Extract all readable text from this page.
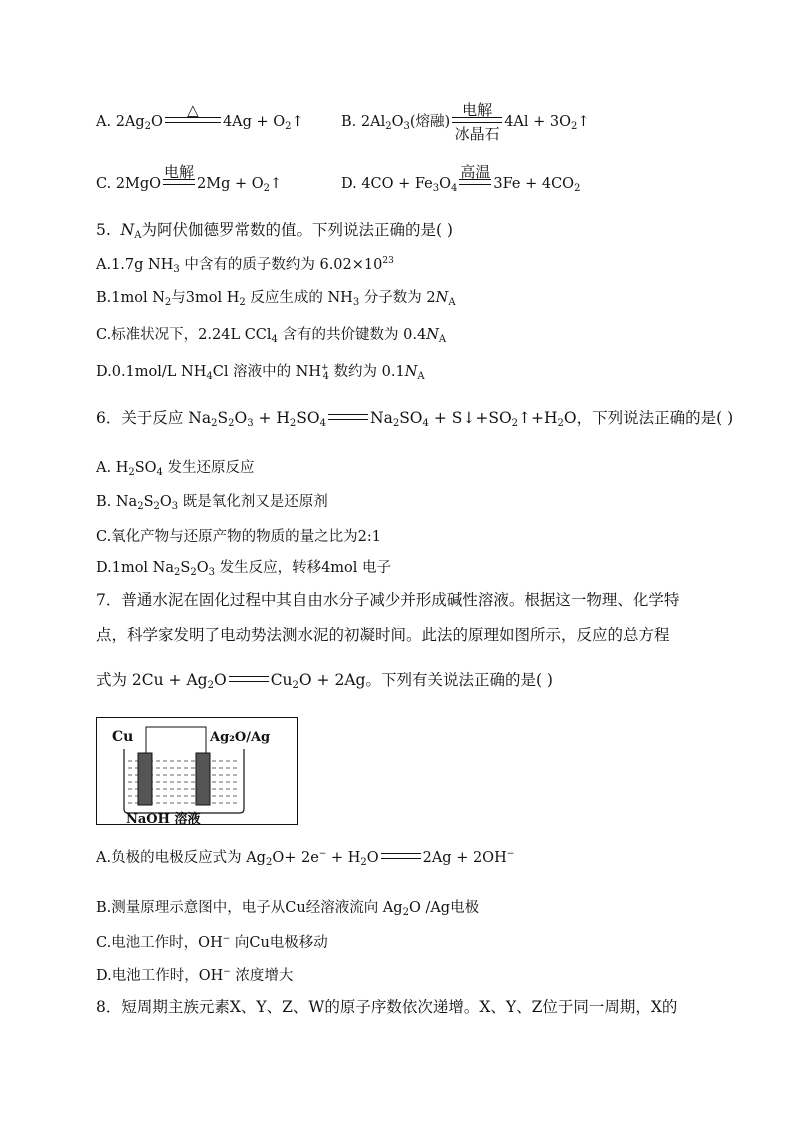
A. $2Ag_2O$
△
$4Ag + O_2↑$	B. $2Al_2O_3$(熔融)
电解
冰晶石
$4Al + 3O_2↑$
C. 2MgO
电解
$2Mg + O_2↑$	D. $4CO + Fe_3O_4$
高温
$3Fe + 4CO_2$
5. $N_A$为阿伏伽德罗常数的值。下列说法正确的是( )
A.1.7g $NH_3$ 中含有的质子数约为 $6.02\times 10^{23}$
B.1mol $N_2$与3mol $H_2$ 反应生成的 $NH_3$ 分子数为 $2N_A$
C.标准状况下，2.24L CCl$_4$ 含有的共价键数为 $0.4N_A$
D.0.1mol/L $NH_4Cl$ 溶液中的 $NH^+_4$ 数约为 $0.1N_A$
6．关于反应 $Na_2S_2O_3 + H_2SO_4$	$Na_2SO_4$ + $S↓+SO_2↑+H_2O$，下列说法正确的是( )
A. $H_2SO_4$ 发生还原反应
B. $Na_2S_2O_3$ 既是氧化剂又是还原剂
C.氧化产物与还原产物的物质的量之比为2:1
D.1mol $Na_2S_2O_3$ 发生反应，转移4mol 电子
7．普通水泥在固化过程中其自由水分子减少并形成碱性溶液。根据这一物理、化学特
点，科学家发明了电动势法测水泥的初凝时间。此法的原理如图所示，反应的总方程
式为 $2Cu + Ag_2O$	$Cu_2O + 2Ag$。下列有关说法正确的是( )
Cu	Ag₂O/Ag
NaOH 溶液
A.负极的电极反应式为 $Ag_2O+ 2e^- + H_2O$	2Ag + 2OH−
B.测量原理示意图中，电子从Cu经溶液流向 $Ag_2O$ /Ag电极
C.电池工作时，OH− 向Cu电极移动
D.电池工作时，OH− 浓度增大
8．短周期主族元素X、Y、Z、W的原子序数依次递增。X、Y、Z位于同一周期，X的
